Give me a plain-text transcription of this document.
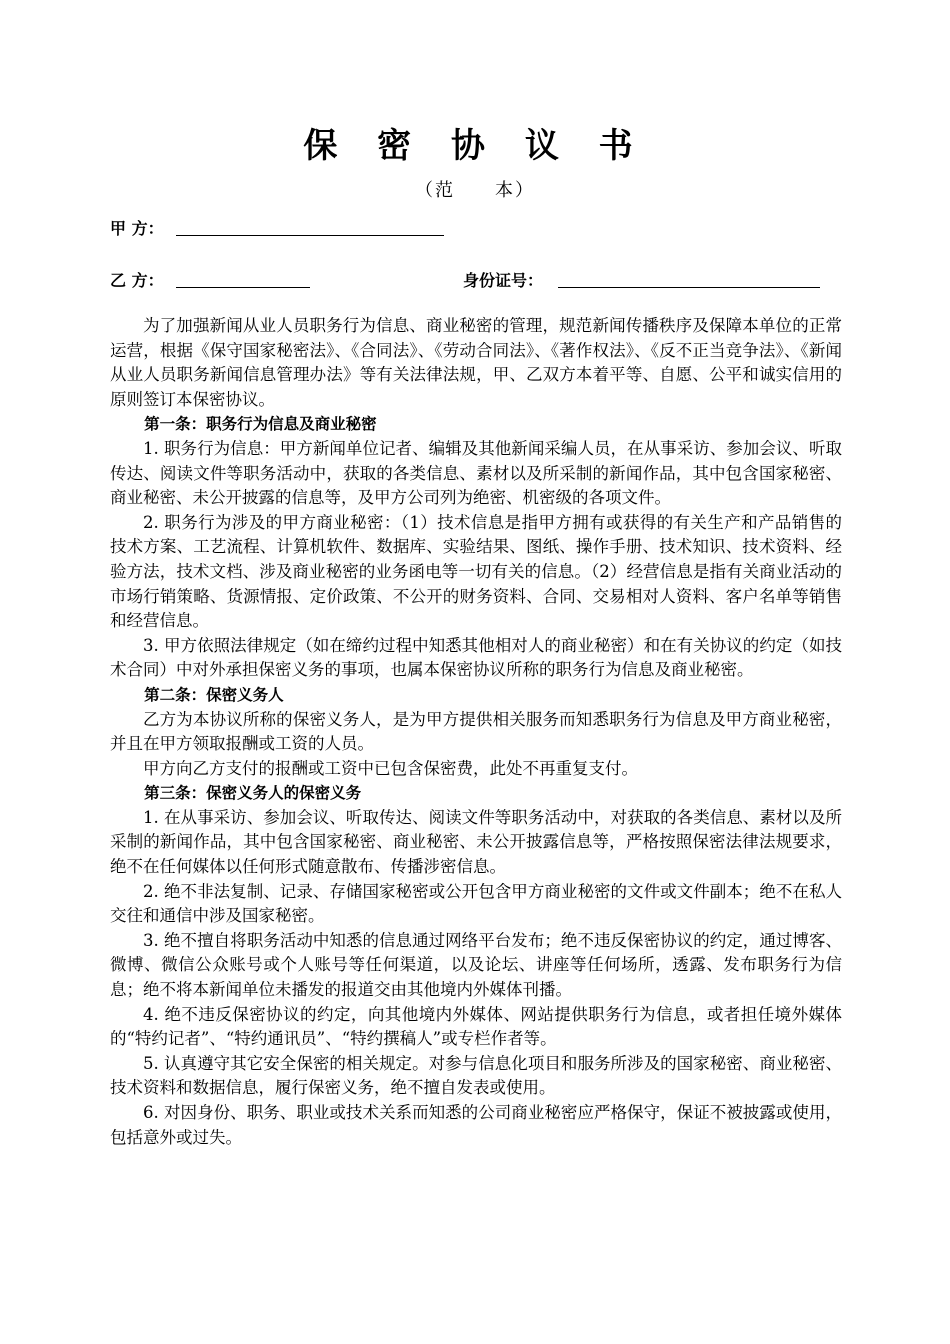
保 密 协 议 书
（范　　本）
甲 方：
乙 方：	身份证号：

为了加强新闻从业人员职务行为信息、商业秘密的管理，规范新闻传播秩序及保障本单位的正常运营，根据《保守国家秘密法》、《合同法》、《劳动合同法》、《著作权法》、《反不正当竞争法》、《新闻从业人员职务新闻信息管理办法》等有关法律法规，甲、乙双方本着平等、自愿、公平和诚实信用的原则签订本保密协议。

第一条：职务行为信息及商业秘密

1. 职务行为信息：甲方新闻单位记者、编辑及其他新闻采编人员，在从事采访、参加会议、听取传达、阅读文件等职务活动中，获取的各类信息、素材以及所采制的新闻作品，其中包含国家秘密、商业秘密、未公开披露的信息等，及甲方公司列为绝密、机密级的各项文件。

2. 职务行为涉及的甲方商业秘密：（1）技术信息是指甲方拥有或获得的有关生产和产品销售的技术方案、工艺流程、计算机软件、数据库、实验结果、图纸、操作手册、技术知识、技术资料、经验方法，技术文档、涉及商业秘密的业务函电等一切有关的信息。（2）经营信息是指有关商业活动的市场行销策略、货源情报、定价政策、不公开的财务资料、合同、交易相对人资料、客户名单等销售和经营信息。

3. 甲方依照法律规定（如在缔约过程中知悉其他相对人的商业秘密）和在有关协议的约定（如技术合同）中对外承担保密义务的事项，也属本保密协议所称的职务行为信息及商业秘密。

第二条：保密义务人

乙方为本协议所称的保密义务人，是为甲方提供相关服务而知悉职务行为信息及甲方商业秘密，并且在甲方领取报酬或工资的人员。

甲方向乙方支付的报酬或工资中已包含保密费，此处不再重复支付。

第三条：保密义务人的保密义务

1. 在从事采访、参加会议、听取传达、阅读文件等职务活动中，对获取的各类信息、素材以及所采制的新闻作品，其中包含国家秘密、商业秘密、未公开披露信息等，严格按照保密法律法规要求，绝不在任何媒体以任何形式随意散布、传播涉密信息。

2. 绝不非法复制、记录、存储国家秘密或公开包含甲方商业秘密的文件或文件副本；绝不在私人交往和通信中涉及国家秘密。

3. 绝不擅自将职务活动中知悉的信息通过网络平台发布；绝不违反保密协议的约定，通过博客、微博、微信公众账号或个人账号等任何渠道，以及论坛、讲座等任何场所，透露、发布职务行为信息；绝不将本新闻单位未播发的报道交由其他境内外媒体刊播。

4. 绝不违反保密协议的约定，向其他境内外媒体、网站提供职务行为信息，或者担任境外媒体的“特约记者”、“特约通讯员”、“特约撰稿人”或专栏作者等。

5. 认真遵守其它安全保密的相关规定。对参与信息化项目和服务所涉及的国家秘密、商业秘密、技术资料和数据信息，履行保密义务，绝不擅自发表或使用。

6. 对因身份、职务、职业或技术关系而知悉的公司商业秘密应严格保守，保证不被披露或使用，包括意外或过失。
